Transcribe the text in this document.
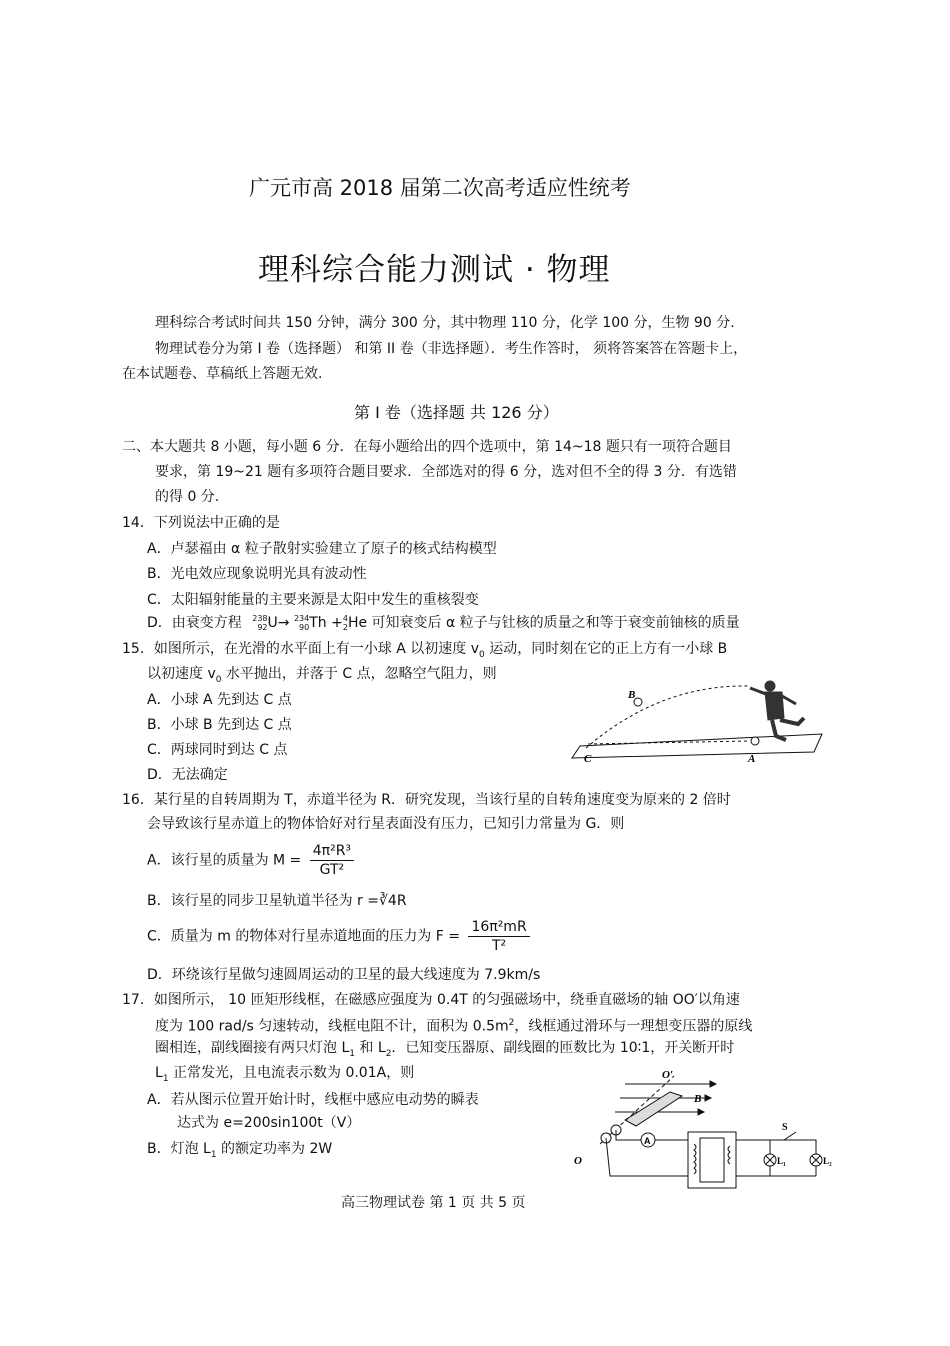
广元市高 2018 届第二次高考适应性统考
理科综合能力测试 · 物理
理科综合考试时间共 150 分钟，满分 300 分，其中物理 110 分，化学 100 分，生物 90 分.
物理试卷分为第 I 卷（选择题） 和第 II 卷（非选择题）．考生作答时， 须将答案答在答题卡上，
在本试题卷、草稿纸上答题无效.
第 I 卷（选择题 共 126 分）
二、本大题共 8 小题，每小题 6 分．在每小题给出的四个选项中，第 14~18 题只有一项符合题目
要求，第 19~21 题有多项符合题目要求．全部选对的得 6 分，选对但不全的得 3 分．有选错
的得 0 分.
14．下列说法中正确的是
A．卢瑟福由 α 粒子散射实验建立了原子的核式结构模型
B．光电效应现象说明光具有波动性
C．太阳辐射能量的主要来源是太阳中发生的重核裂变
D．由衰变方程 238
92 U→ 234
90 Th + 4
2 He 可知衰变后 α 粒子与钍核的质量之和等于衰变前铀核的质量
15．如图所示，在光滑的水平面上有一小球 A 以初速度 $v_0$ 运动，同时刻在它的正上方有一小球 B
以初速度 $v_0$ 水平抛出，并落于 C 点，忽略空气阻力，则
A．小球 A 先到达 C 点
B．小球 B 先到达 C 点
C．两球同时到达 C 点
D．无法确定
B
C	A
16．某行星的自转周期为 T，赤道半径为 R．研究发现，当该行星的自转角速度变为原来的 2 倍时
会导致该行星赤道上的物体恰好对行星表面没有压力，已知引力常量为 G．则
A．该行星的质量为 $M = \frac{\text{4π²R³}}{\text{GT²}}$
B．该行星的同步卫星轨道半径为 r =∛4R
C．质量为 m 的物体对行星赤道地面的压力为 $F = \frac{\text{16π²mR}}{\text{T²}}$
D．环绕该行星做匀速圆周运动的卫星的最大线速度为 7.9km/s
17．如图所示， 10 匝矩形线框，在磁感应强度为 0.4T 的匀强磁场中，绕垂直磁场的轴 OO′以角速
度为 100 rad/s 匀速转动，线框电阻不计，面积为 $0.5m^2$，线框通过滑环与一理想变压器的原线
圈相连，副线圈接有两只灯泡 $L_1$ 和 $L_2$．已知变压器原、副线圈的匝数比为 10∶1，开关断开时
$L_1$ 正常发光，且电流表示数为 0.01A，则
A．若从图示位置开始计时，线框中感应电动势的瞬表
达式为 e=200sin100t（V）
B．灯泡 $L_1$ 的额定功率为 2W
O′
B
O
A
S
L₁	L₂
高三物理试卷 第 1 页 共 5 页
